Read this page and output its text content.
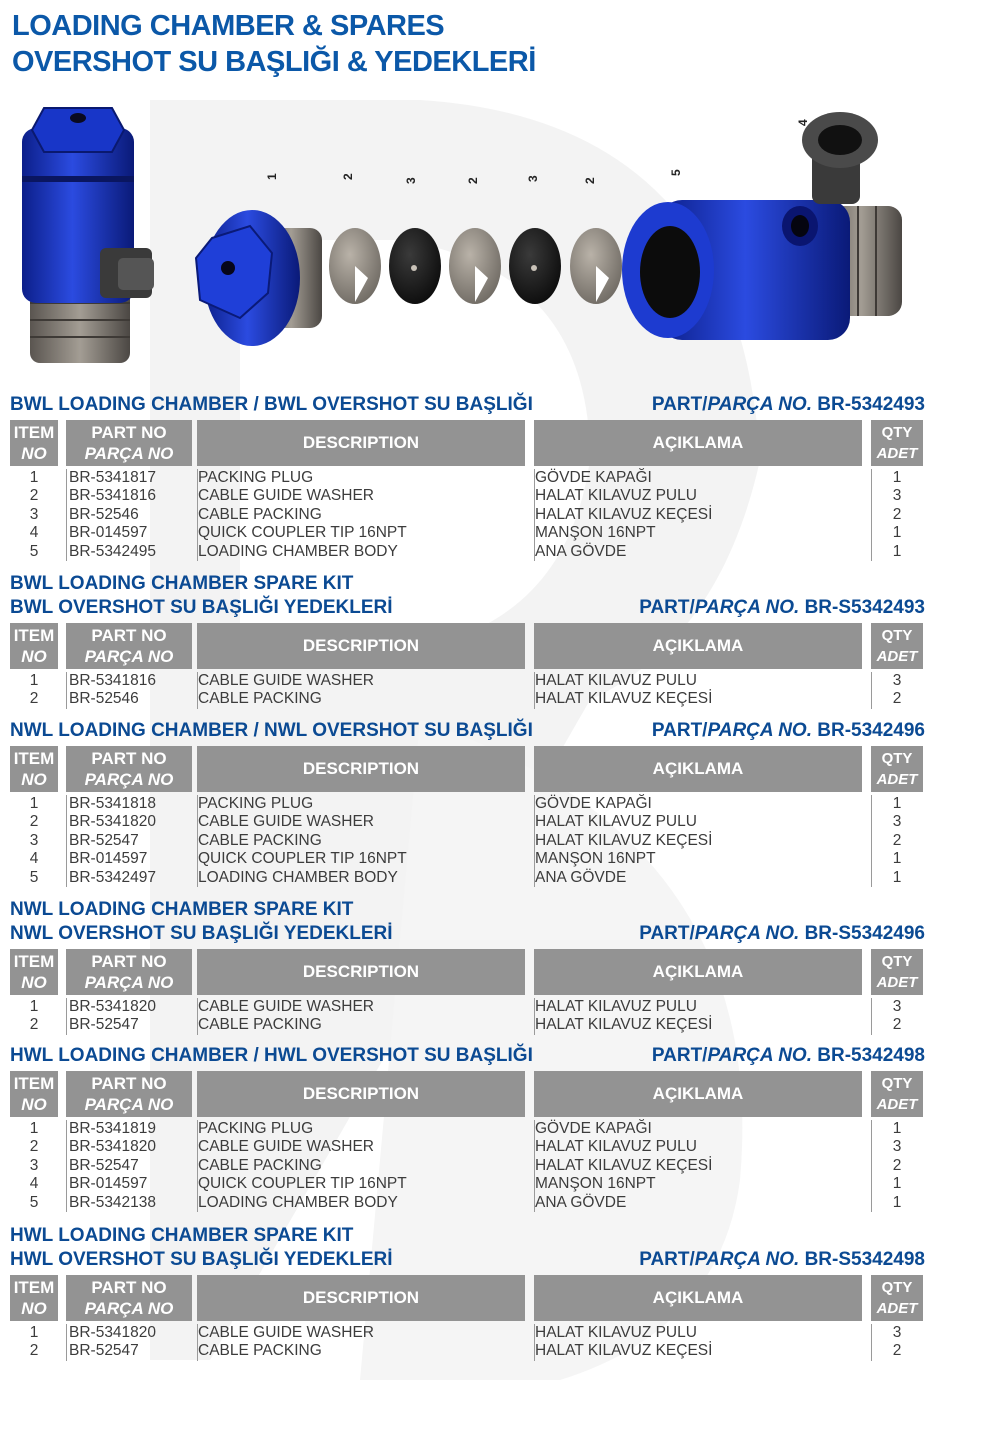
LOADING CHAMBER & SPARES
OVERSHOT SU BAŞLIĞI & YEDEKLERİ
1	2
3	2	3	2
5
4
BWL LOADING CHAMBER / BWL OVERSHOT SU BAŞLIĞI	PART/PARÇA NO. BR-5342493
ITEM
NO
PART NO
PARÇA NO
DESCRIPTION	AÇIKLAMA
QTY
ADET
1	BR-5341817	PACKING PLUG	GÖVDE KAPAĞI	1
2	BR-5341816	CABLE GUIDE WASHER	HALAT KILAVUZ PULU	3
3	BR-52546	CABLE PACKING	HALAT KILAVUZ KEÇESİ	2
4	BR-014597	QUICK COUPLER TIP 16NPT	MANŞON 16NPT	1
5	BR-5342495	LOADING CHAMBER BODY	ANA GÖVDE	1
BWL LOADING CHAMBER SPARE KIT
BWL OVERSHOT SU BAŞLIĞI YEDEKLERİ	PART/PARÇA NO. BR-S5342493
ITEM
NO
PART NO
PARÇA NO
DESCRIPTION	AÇIKLAMA
QTY
ADET
1	BR-5341816	CABLE GUIDE WASHER	HALAT KILAVUZ PULU	3
2	BR-52546	CABLE PACKING	HALAT KILAVUZ KEÇESİ	2
NWL LOADING CHAMBER / NWL OVERSHOT SU BAŞLIĞI	PART/PARÇA NO. BR-5342496
ITEM
NO
PART NO
PARÇA NO
DESCRIPTION	AÇIKLAMA
QTY
ADET
1	BR-5341818	PACKING PLUG	GÖVDE KAPAĞI	1
2	BR-5341820	CABLE GUIDE WASHER	HALAT KILAVUZ PULU	3
3	BR-52547	CABLE PACKING	HALAT KILAVUZ KEÇESİ	2
4	BR-014597	QUICK COUPLER TIP 16NPT	MANŞON 16NPT	1
5	BR-5342497	LOADING CHAMBER BODY	ANA GÖVDE	1
NWL LOADING CHAMBER SPARE KIT
NWL OVERSHOT SU BAŞLIĞI YEDEKLERİ	PART/PARÇA NO. BR-S5342496
ITEM
NO
PART NO
PARÇA NO
DESCRIPTION	AÇIKLAMA
QTY
ADET
1	BR-5341820	CABLE GUIDE WASHER	HALAT KILAVUZ PULU	3
2	BR-52547	CABLE PACKING	HALAT KILAVUZ KEÇESİ	2
HWL LOADING CHAMBER / HWL OVERSHOT SU BAŞLIĞI	PART/PARÇA NO. BR-5342498
ITEM
NO
PART NO
PARÇA NO
DESCRIPTION	AÇIKLAMA
QTY
ADET
1	BR-5341819	PACKING PLUG	GÖVDE KAPAĞI	1
2	BR-5341820	CABLE GUIDE WASHER	HALAT KILAVUZ PULU	3
3	BR-52547	CABLE PACKING	HALAT KILAVUZ KEÇESİ	2
4	BR-014597	QUICK COUPLER TIP 16NPT	MANŞON 16NPT	1
5	BR-5342138	LOADING CHAMBER BODY	ANA GÖVDE	1
HWL LOADING CHAMBER SPARE KIT
HWL OVERSHOT SU BAŞLIĞI YEDEKLERİ	PART/PARÇA NO. BR-S5342498
ITEM
NO
PART NO
PARÇA NO
DESCRIPTION	AÇIKLAMA
QTY
ADET
1	BR-5341820	CABLE GUIDE WASHER	HALAT KILAVUZ PULU	3
2	BR-52547	CABLE PACKING	HALAT KILAVUZ KEÇESİ	2
